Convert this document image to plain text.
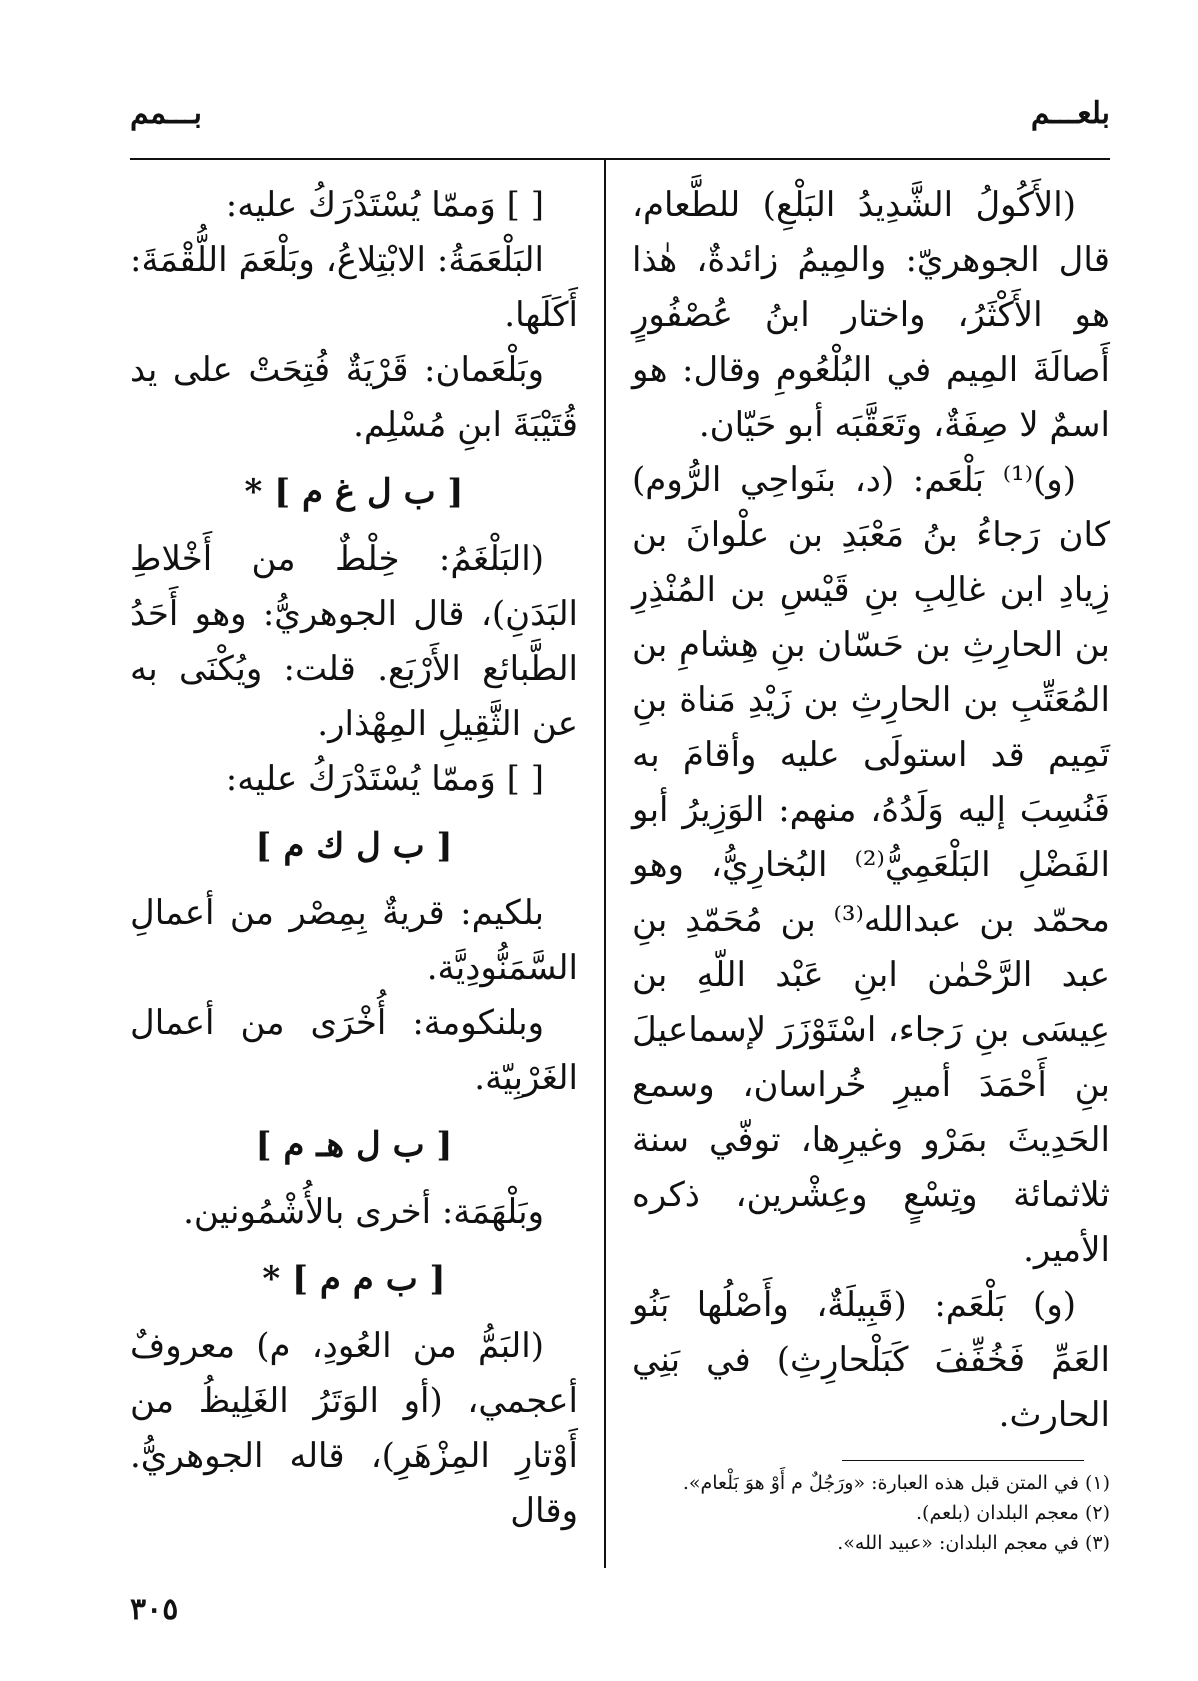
بلعـــم
بـــمم

(الأَكُولُ الشَّدِيدُ البَلْعِ) للطَّعام، قال الجوهريّ: والمِيمُ زائدةٌ، هٰذا هو الأَكْثَرُ، واختار ابنُ عُصْفُورٍ أَصالَةَ المِيم في البُلْعُومِ وقال: هو اسمٌ لا صِفَةٌ، وتَعَقَّبَه أبو حَيّان.

(و)⁽¹⁾ بَلْعَم: (د، بنَواحِي الرُّوم) كان رَجاءُ بنُ مَعْبَدِ بن علْوانَ بن زِيادِ ابن غالِبِ بنِ قَيْسِ بن المُنْذِرِ بن الحارِثِ بن حَسّان بنِ هِشامِ بن المُعَتِّبِ بن الحارِثِ بن زَيْدِ مَناة بنِ تَمِيم قد استولَى عليه وأقامَ به فَنُسِبَ إليه وَلَدُهُ، منهم: الوَزِيرُ أبو الفَضْلِ البَلْعَمِيُّ⁽²⁾ البُخارِيُّ، وهو محمّد بن عبدالله⁽³⁾ بن مُحَمّدِ بنِ عبد الرَّحْمٰن ابنِ عَبْد اللّهِ بن عِيسَى بنِ رَجاء، اسْتَوْزَرَ لإسماعيلَ بنِ أَحْمَدَ أميرِ خُراسان، وسمع الحَدِيثَ بمَرْو وغيرِها، توفّي سنة ثلاثمائة وتِسْعٍ وعِشْرين، ذكره الأمير.

(و) بَلْعَم: (قَبِيلَةٌ، وأَصْلُها بَنُو العَمِّ فَخُفِّفَ كَبَلْحارِثِ) في بَنِي الحارث.

[ ] وَممّا يُسْتَدْرَكُ عليه:

البَلْعَمَةُ: الابْتِلاعُ، وبَلْعَمَ اللُّقْمَةَ: أَكَلَها.

وبَلْعَمان: قَرْيَةٌ فُتِحَتْ على يد قُتَيْبَةَ ابنِ مُسْلِم.

[ ب ل غ م ] *

(البَلْغَمُ: خِلْطٌ من أَخْلاطِ البَدَنِ)، قال الجوهريُّ: وهو أَحَدُ الطَّبائع الأَرْبَع. قلت: ويُكْنَى به عن الثَّقِيلِ المِهْذار.

[ ] وَممّا يُسْتَدْرَكُ عليه:

[ ب ل ك م ]

بلكيم: قريةٌ بِمِصْر من أعمالِ السَّمَنُّودِيَّة.

وبلنكومة: أُخْرَى من أعمال الغَرْبِيّة.

[ ب ل هـ م ]

وبَلْهَمَة: أخرى بالأُشْمُونين.

[ ب م م ] *

(البَمُّ من العُودِ، م) معروفٌ أعجمي، (أو الوَتَرُ الغَلِيظُ من أَوْتارِ المِزْهَرِ)، قاله الجوهريُّ. وقال

(١) في المتن قبل هذه العبارة: «ورَجُلٌ م أَوْ هوَ بَلْعام».

(٢) معجم البلدان (بلعم).

(٣) في معجم البلدان: «عبيد الله».

٣٠٥
